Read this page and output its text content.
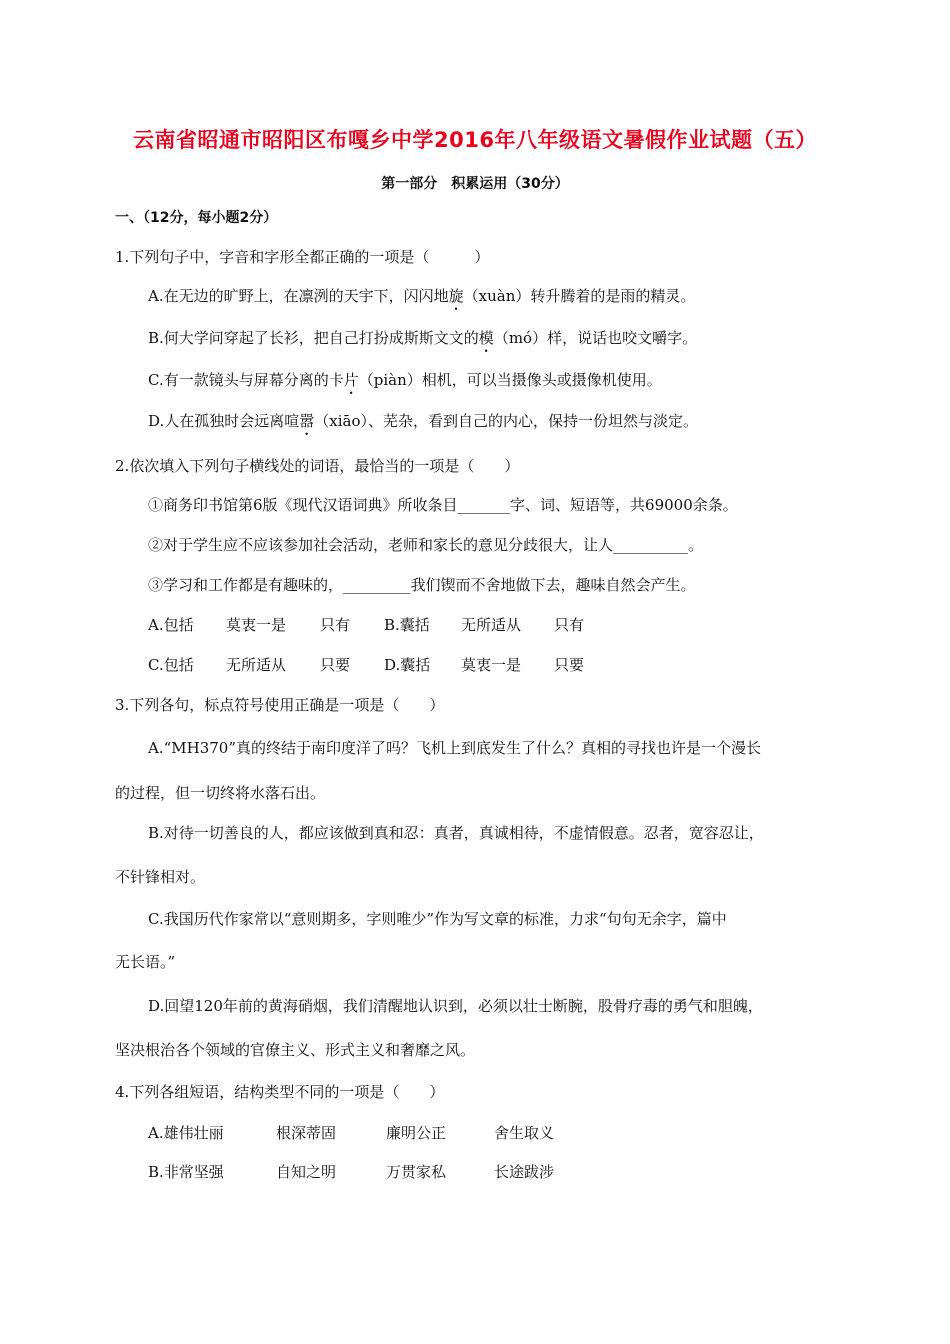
云南省昭通市昭阳区布嘎乡中学2016年八年级语文暑假作业试题（五）
第一部分　积累运用（30分）
一、（12分，每小题2分）
1.下列句子中，字音和字形全都正确的一项是（　　　）
A.在无边的旷野上，在凛洌的天宇下，闪闪地旋（xuàn）转升腾着的是雨的精灵。
B.何大学问穿起了长衫，把自己打扮成斯斯文文的模（mó）样，说话也咬文嚼字。
C.有一款镜头与屏幕分离的卡片（piàn）相机，可以当摄像头或摄像机使用。
D.人在孤独时会远离喧嚣（xiāo）、芜杂，看到自己的内心，保持一份坦然与淡定。
2.依次填入下列句子横线处的词语，最恰当的一项是（　　）
①商务印书馆第6版《现代汉语词典》所收条目_______字、词、短语等，共69000余条。
②对于学生应不应该参加社会活动，老师和家长的意见分歧很大，让人__________。
③学习和工作都是有趣味的，_________我们锲而不舍地做下去，趣味自然会产生。
A.包括 莫衷一是 只有 B.囊括 无所适从 只有
C.包括 无所适从 只要 D.囊括 莫衷一是 只要
3.下列各句，标点符号使用正确是一项是（　　）
A.“MH370”真的终结于南印度洋了吗？飞机上到底发生了什么？真相的寻找也许是一个漫长
的过程，但一切终将水落石出。
B.对待一切善良的人，都应该做到真和忍：真者，真诚相待，不虚情假意。忍者，宽容忍让，
不针锋相对。
C.我国历代作家常以“意则期多，字则唯少”作为写文章的标准，力求“句句无余字，篇中
无长语。”
D.回望120年前的黄海硝烟，我们清醒地认识到，必须以壮士断腕，股骨疗毒的勇气和胆魄，
坚决根治各个领域的官僚主义、形式主义和奢靡之风。
4.下列各组短语，结构类型不同的一项是（　　）
A.雄伟壮丽	根深蒂固	廉明公正	舍生取义
B.非常坚强	自知之明	万贯家私	长途跋涉
